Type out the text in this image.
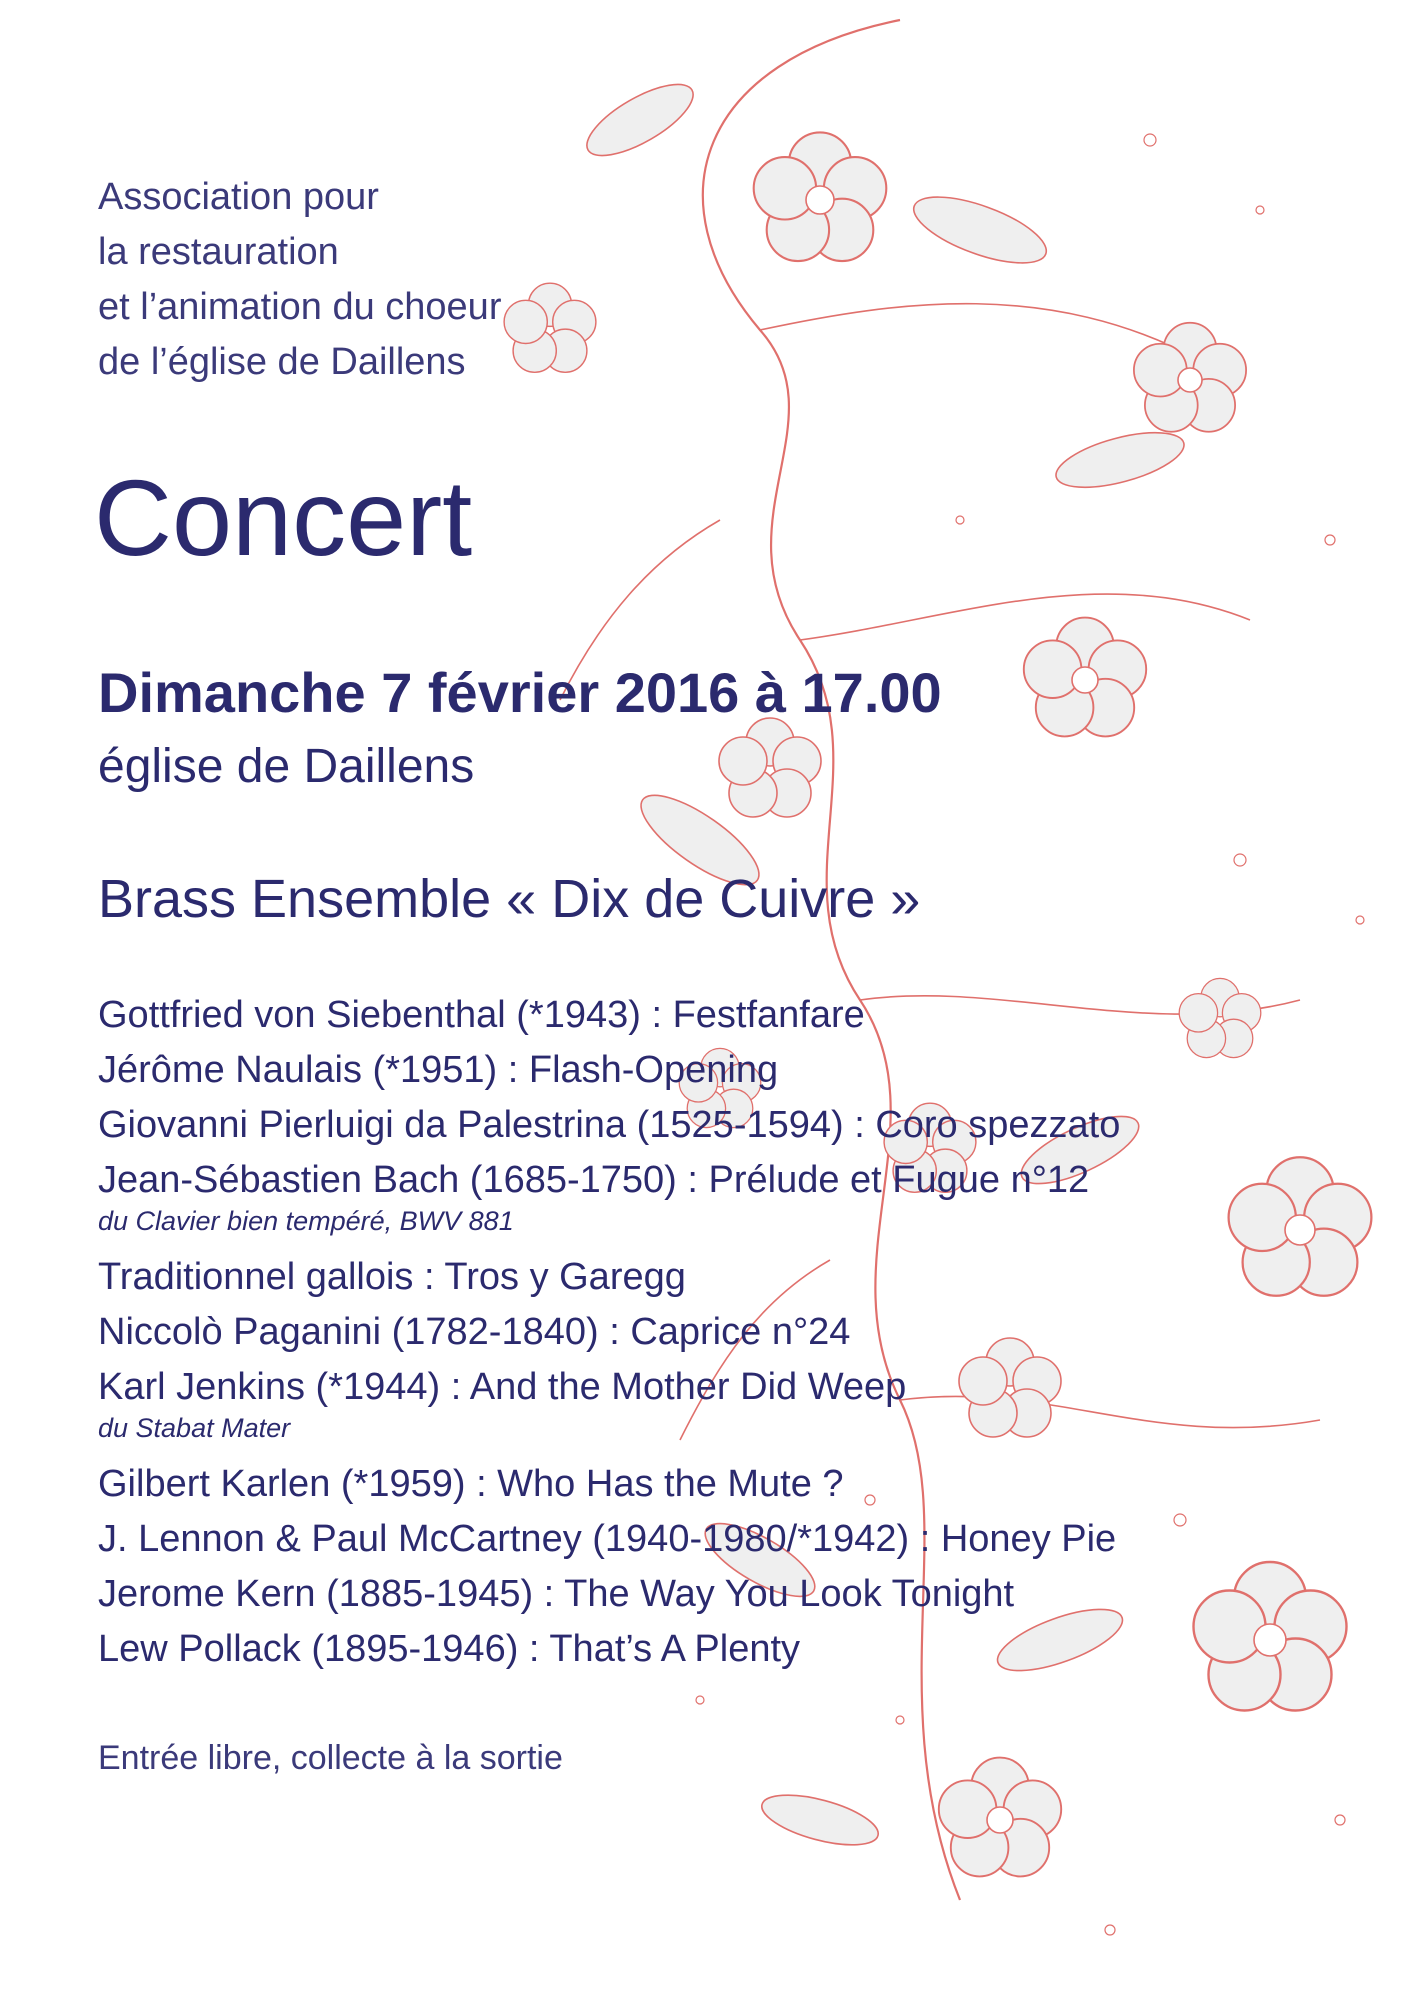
Association pour
la restauration
et l’animation du choeur
de l’église de Daillens
Concert
Dimanche 7 février 2016 à 17.00
église de Daillens
Brass Ensemble « Dix de Cuivre »
Gottfried von Siebenthal (*1943) : Festfanfare
Jérôme Naulais (*1951) : Flash-Opening
Giovanni Pierluigi da Palestrina (1525-1594) : Coro spezzato
Jean-Sébastien Bach (1685-1750) : Prélude et Fugue n°12
du Clavier bien tempéré, BWV 881
Traditionnel gallois : Tros y Garegg
Niccolò Paganini (1782-1840) : Caprice n°24
Karl Jenkins (*1944) : And the Mother Did Weep
du Stabat Mater
Gilbert Karlen (*1959) : Who Has the Mute ?
J. Lennon & Paul McCartney (1940-1980/*1942) : Honey Pie
Jerome Kern (1885-1945) : The Way You Look Tonight
Lew Pollack (1895-1946) : That’s A Plenty
Entrée libre, collecte à la sortie
